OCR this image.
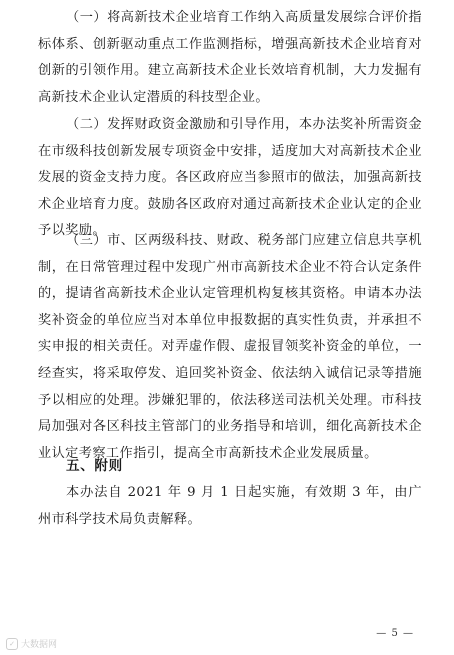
（一）将高新技术企业培育工作纳入高质量发展综合评价指标体系、创新驱动重点工作监测指标，增强高新技术企业培育对创新的引领作用。建立高新技术企业长效培育机制，大力发掘有高新技术企业认定潜质的科技型企业。

（二）发挥财政资金激励和引导作用，本办法奖补所需资金在市级科技创新发展专项资金中安排，适度加大对高新技术企业发展的资金支持力度。各区政府应当参照市的做法，加强高新技术企业培育力度。鼓励各区政府对通过高新技术企业认定的企业予以奖励。

（三）市、区两级科技、财政、税务部门应建立信息共享机制，在日常管理过程中发现广州市高新技术企业不符合认定条件的，提请省高新技术企业认定管理机构复核其资格。申请本办法奖补资金的单位应当对本单位申报数据的真实性负责，并承担不实申报的相关责任。对弄虚作假、虚报冒领奖补资金的单位，一经查实，将采取停发、追回奖补资金、依法纳入诚信记录等措施予以相应的处理。涉嫌犯罪的，依法移送司法机关处理。市科技局加强对各区科技主管部门的业务指导和培训，细化高新技术企业认定考察工作指引，提高全市高新技术企业发展质量。

五、附则

本办法自 2021 年 9 月 1 日起实施，有效期 3 年，由广州市科学技术局负责解释。

✓ 大数据网
— 5 —
